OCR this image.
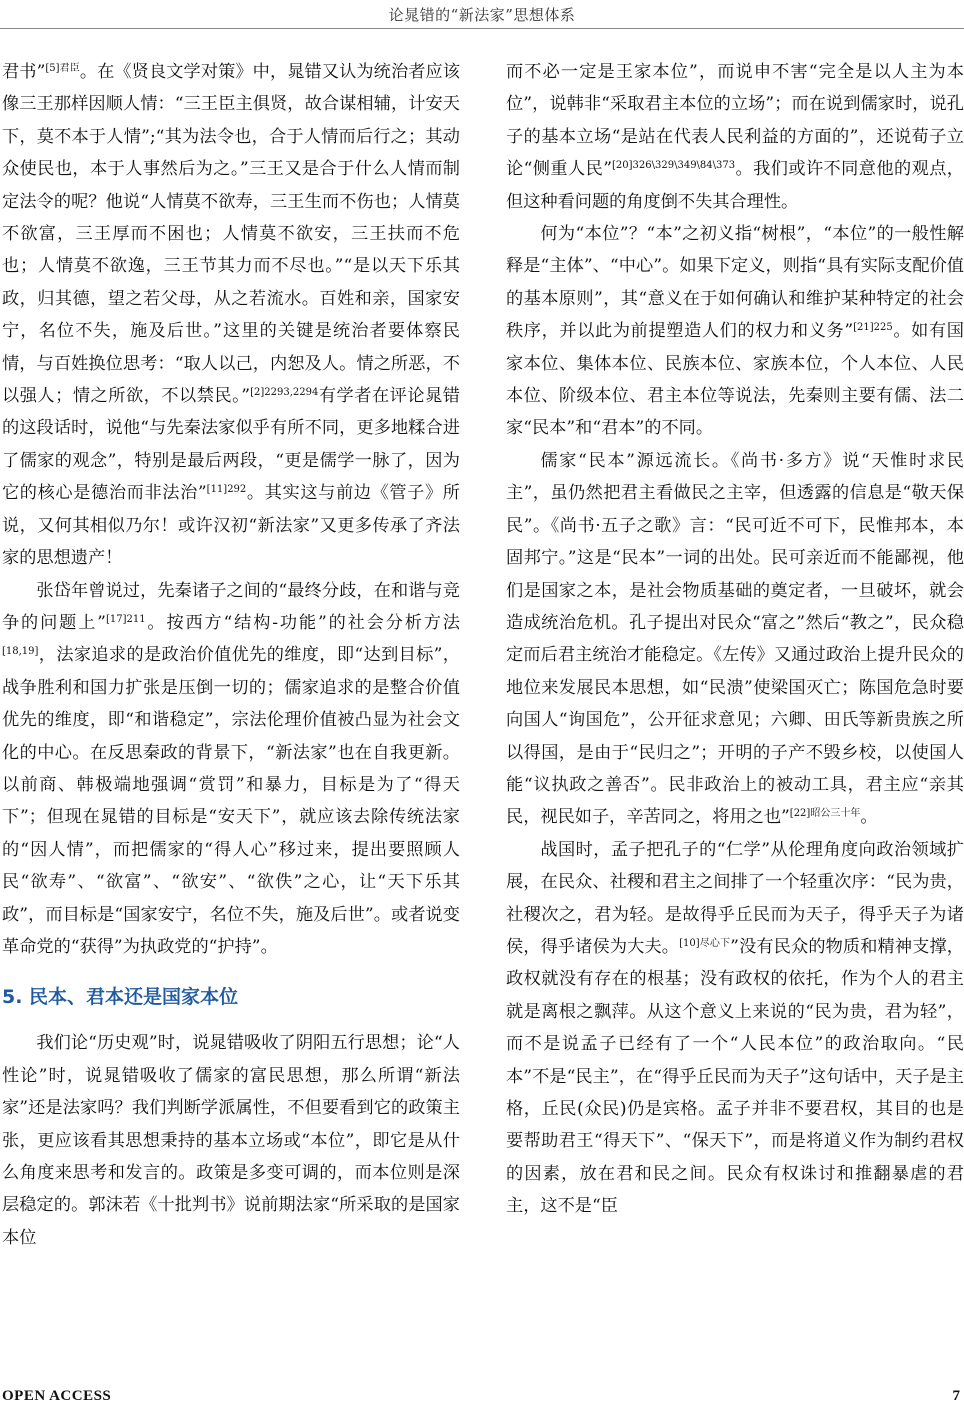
论晁错的“新法家”思想体系

君书”$^{[5]君臣}$。在《贤良文学对策》中，晁错又认为统治者应该像三王那样因顺人情：“三王臣主俱贤，故合谋相辅，计安天下，莫不本于人情”;“其为法令也，合于人情而后行之；其动众使民也，本于人事然后为之。”三王又是合于什么人情而制定法令的呢？他说“人情莫不欲寿，三王生而不伤也；人情莫不欲富，三王厚而不困也；人情莫不欲安，三王扶而不危也；人情莫不欲逸，三王节其力而不尽也。”“是以天下乐其政，归其德，望之若父母，从之若流水。百姓和亲，国家安宁，名位不失，施及后世。”这里的关键是统治者要体察民情，与百姓换位思考：“取人以己，内恕及人。情之所恶，不以强人；情之所欲，不以禁民。”$^{[2]2293,2294}$有学者在评论晁错的这段话时，说他“与先秦法家似乎有所不同，更多地糅合进了儒家的观念”，特别是最后两段，“更是儒学一脉了，因为它的核心是德治而非法治”$^{[11]292}$。其实这与前边《管子》所说，又何其相似乃尔！或许汉初“新法家”又更多传承了齐法家的思想遗产！

张岱年曾说过，先秦诸子之间的“最终分歧，在和谐与竞争的问题上”$^{[17]211}$。按西方“结构-功能”的社会分析方法[18,19]，法家追求的是政治价值优先的维度，即“达到目标”，战争胜利和国力扩张是压倒一切的；儒家追求的是整合价值优先的维度，即“和谐稳定”，宗法伦理价值被凸显为社会文化的中心。在反思秦政的背景下，“新法家”也在自我更新。以前商、韩极端地强调“赏罚”和暴力，目标是为了“得天下”；但现在晁错的目标是“安天下”，就应该去除传统法家的“因人情”，而把儒家的“得人心”移过来，提出要照顾人民“欲寿”、“欲富”、“欲安”、“欲佚”之心，让“天下乐其政”，而目标是“国家安宁，名位不失，施及后世”。或者说变革命党的“获得”为执政党的“护持”。

5. 民本、君本还是国家本位

我们论“历史观”时，说晁错吸收了阴阳五行思想；论“人性论”时，说晁错吸收了儒家的富民思想，那么所谓“新法家”还是法家吗？我们判断学派属性，不但要看到它的政策主张，更应该看其思想秉持的基本立场或“本位”，即它是从什么角度来思考和发言的。政策是多变可调的，而本位则是深层稳定的。郭沫若《十批判书》说前期法家“所采取的是国家本位

而不必一定是王家本位”，而说申不害“完全是以人主为本位”，说韩非“采取君主本位的立场”；而在说到儒家时，说孔子的基本立场“是站在代表人民利益的方面的”，还说荀子立论“侧重人民”$^{[20]326\backslash 329\backslash 349\backslash 84\backslash 373}$。我们或许不同意他的观点，但这种看问题的角度倒不失其合理性。

何为“本位”？“本”之初义指“树根”，“本位”的一般性解释是“主体”、“中心”。如果下定义，则指“具有实际支配价值的基本原则”，其“意义在于如何确认和维护某种特定的社会秩序，并以此为前提塑造人们的权力和义务”$^{[21]225}$。如有国家本位、集体本位、民族本位、家族本位，个人本位、人民本位、阶级本位、君主本位等说法，先秦则主要有儒、法二家“民本”和“君本”的不同。

儒家“民本”源远流长。《尚书·多方》说“天惟时求民主”，虽仍然把君主看做民之主宰，但透露的信息是“敬天保民”。《尚书·五子之歌》言：“民可近不可下，民惟邦本，本固邦宁。”这是“民本”一词的出处。民可亲近而不能鄙视，他们是国家之本，是社会物质基础的奠定者，一旦破坏，就会造成统治危机。孔子提出对民众“富之”然后“教之”，民众稳定而后君主统治才能稳定。《左传》又通过政治上提升民众的地位来发展民本思想，如“民溃”使梁国灭亡；陈国危急时要向国人“询国危”，公开征求意见；六卿、田氏等新贵族之所以得国，是由于“民归之”；开明的子产不毁乡校，以使国人能“议执政之善否”。民非政治上的被动工具，君主应“亲其民，视民如子，辛苦同之，将用之也”$^{[22]昭公三十年}$。

战国时，孟子把孔子的“仁学”从伦理角度向政治领域扩展，在民众、社稷和君主之间排了一个轻重次序：“民为贵，社稷次之，君为轻。是故得乎丘民而为天子，得乎天子为诸侯，得乎诸侯为大夫。$^{[10]尽心下}$”没有民众的物质和精神支撑，政权就没有存在的根基；没有政权的依托，作为个人的君主就是离根之飘萍。从这个意义上来说的“民为贵，君为轻”，而不是说孟子已经有了一个“人民本位”的政治取向。“民本”不是“民主”，在“得乎丘民而为天子”这句话中，天子是主格，丘民(众民)仍是宾格。孟子并非不要君权，其目的也是要帮助君王“得天下”、“保天下”，而是将道义作为制约君权的因素，放在君和民之间。民众有权诛讨和推翻暴虐的君主，这不是“臣

OPEN ACCESS	7
